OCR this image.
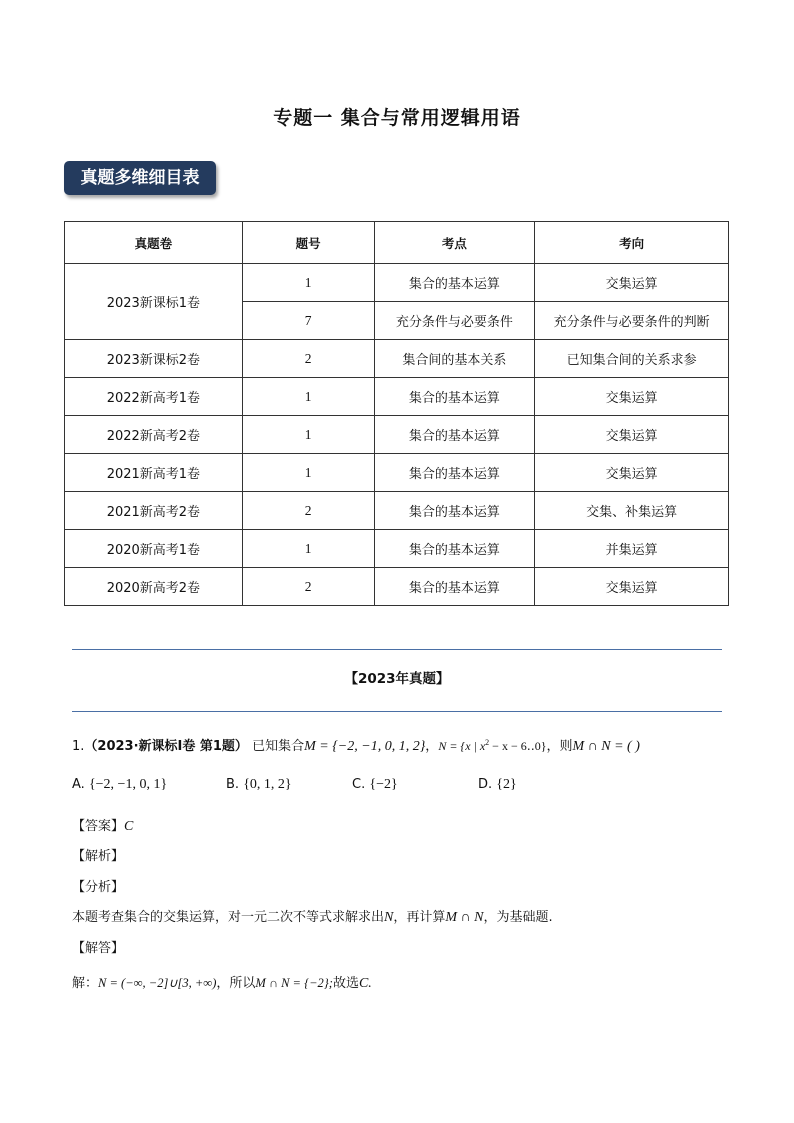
专题一 集合与常用逻辑用语
真题多维细目表
真题卷	题号	考点	考向
2023新课标1卷	1	集合的基本运算	交集运算
	7	充分条件与必要条件	充分条件与必要条件的判断
2023新课标2卷	2	集合间的基本关系	已知集合间的关系求参
2022新高考1卷	1	集合的基本运算	交集运算
2022新高考2卷	1	集合的基本运算	交集运算
2021新高考1卷	1	集合的基本运算	交集运算
2021新高考2卷	2	集合的基本运算	交集、补集运算
2020新高考1卷	1	集合的基本运算	并集运算
2020新高考2卷	2	集合的基本运算	交集运算
【2023年真题】
1.（2023·新课标I卷 第1题） 已知集合M = {−2, −1, 0, 1, 2}，N = {x | $x^2 - x$ − 6‥0}，则M ∩ N = ( )
A. {−2, −1, 0, 1}	B. {0, 1, 2}	C. {−2}	D. {2}
【答案】C
【解析】
【分析】
本题考查集合的交集运算，对一元二次不等式求解求出N，再计算M ∩ N，为基础题.
【解答】
解：N = (−∞, −2]∪[3, +∞)，所以M ∩ N = {−2};故选C.
